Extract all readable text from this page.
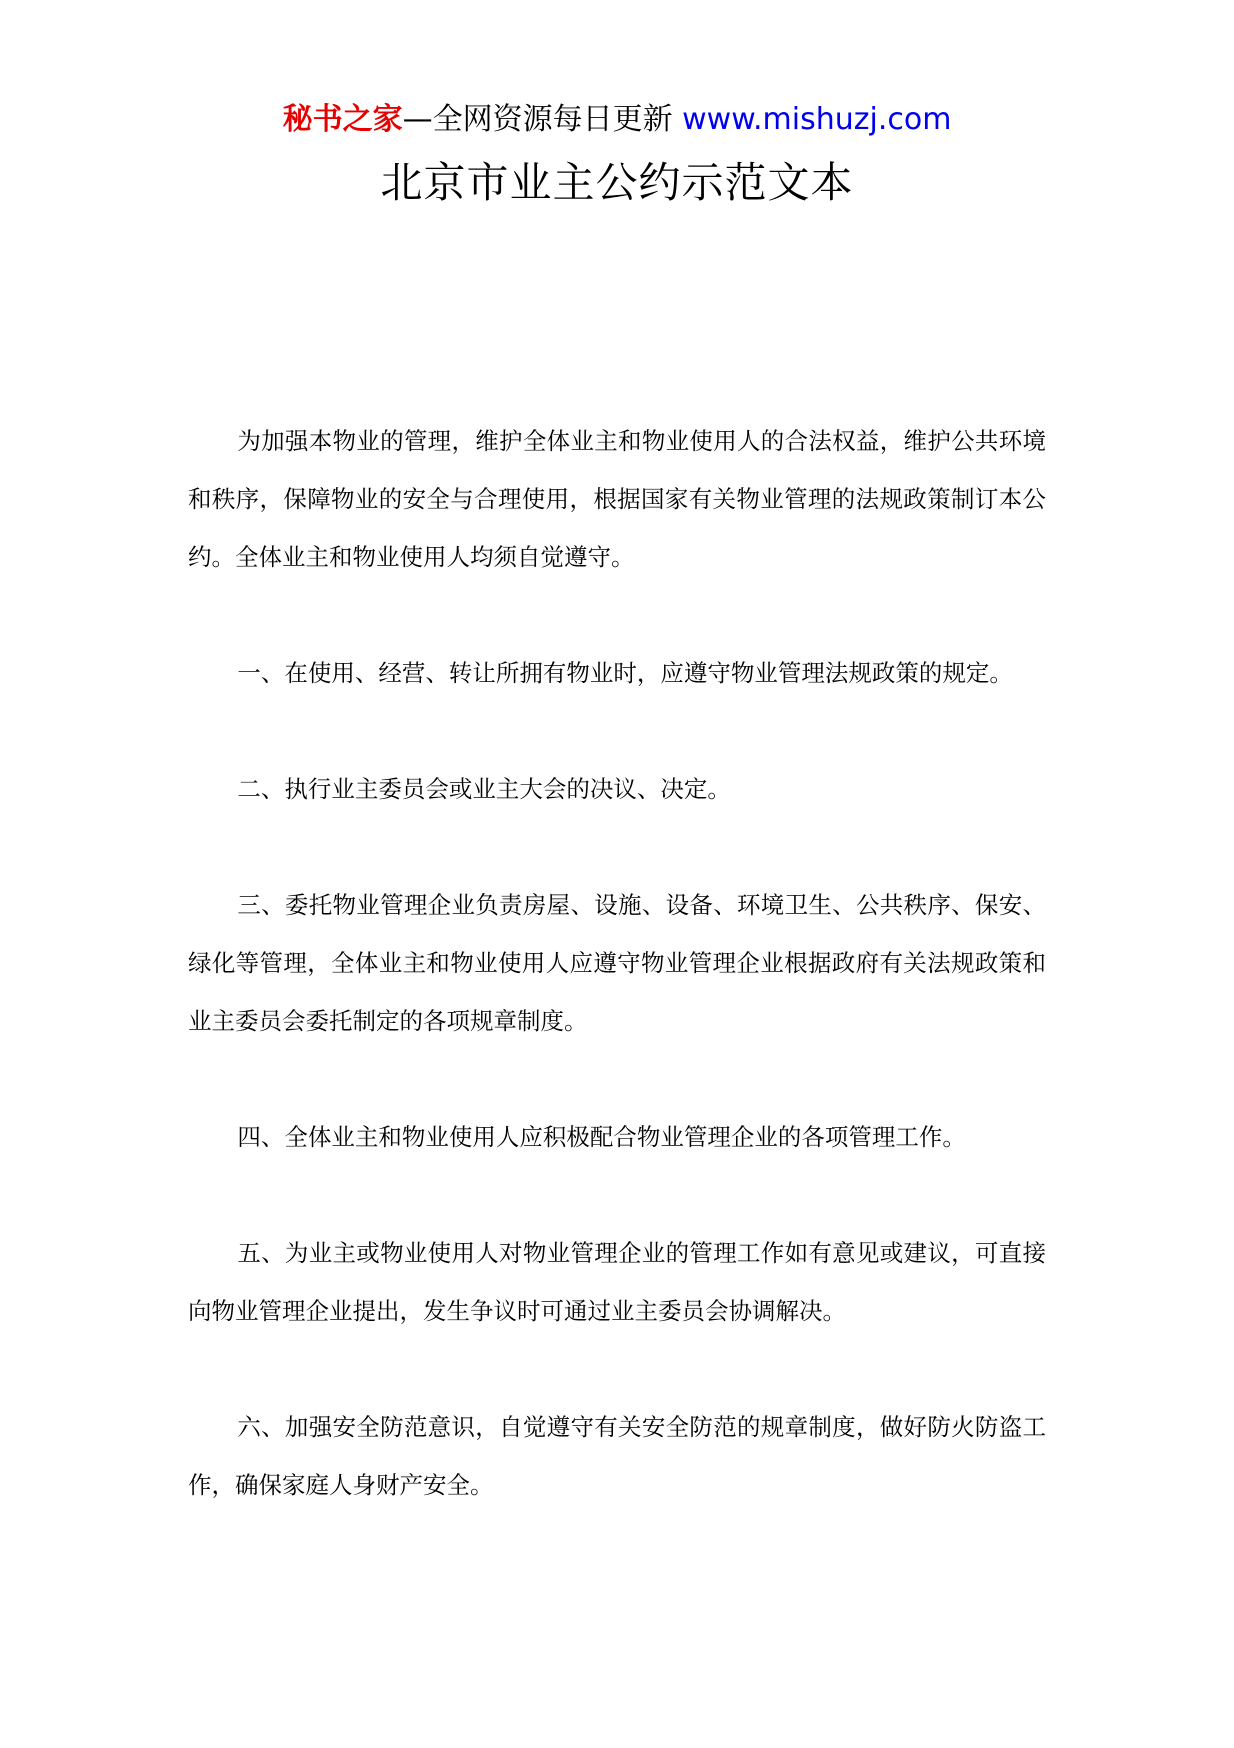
秘书之家—全网资源每日更新 www.mishuzj.com
北京市业主公约示范文本

为加强本物业的管理，维护全体业主和物业使用人的合法权益，维护公共环境和秩序，保障物业的安全与合理使用，根据国家有关物业管理的法规政策制订本公约。全体业主和物业使用人均须自觉遵守。

一、在使用、经营、转让所拥有物业时，应遵守物业管理法规政策的规定。

二、执行业主委员会或业主大会的决议、决定。

三、委托物业管理企业负责房屋、设施、设备、环境卫生、公共秩序、保安、绿化等管理，全体业主和物业使用人应遵守物业管理企业根据政府有关法规政策和业主委员会委托制定的各项规章制度。

四、全体业主和物业使用人应积极配合物业管理企业的各项管理工作。

五、为业主或物业使用人对物业管理企业的管理工作如有意见或建议，可直接向物业管理企业提出，发生争议时可通过业主委员会协调解决。

六、加强安全防范意识，自觉遵守有关安全防范的规章制度，做好防火防盗工作，确保家庭人身财产安全。
